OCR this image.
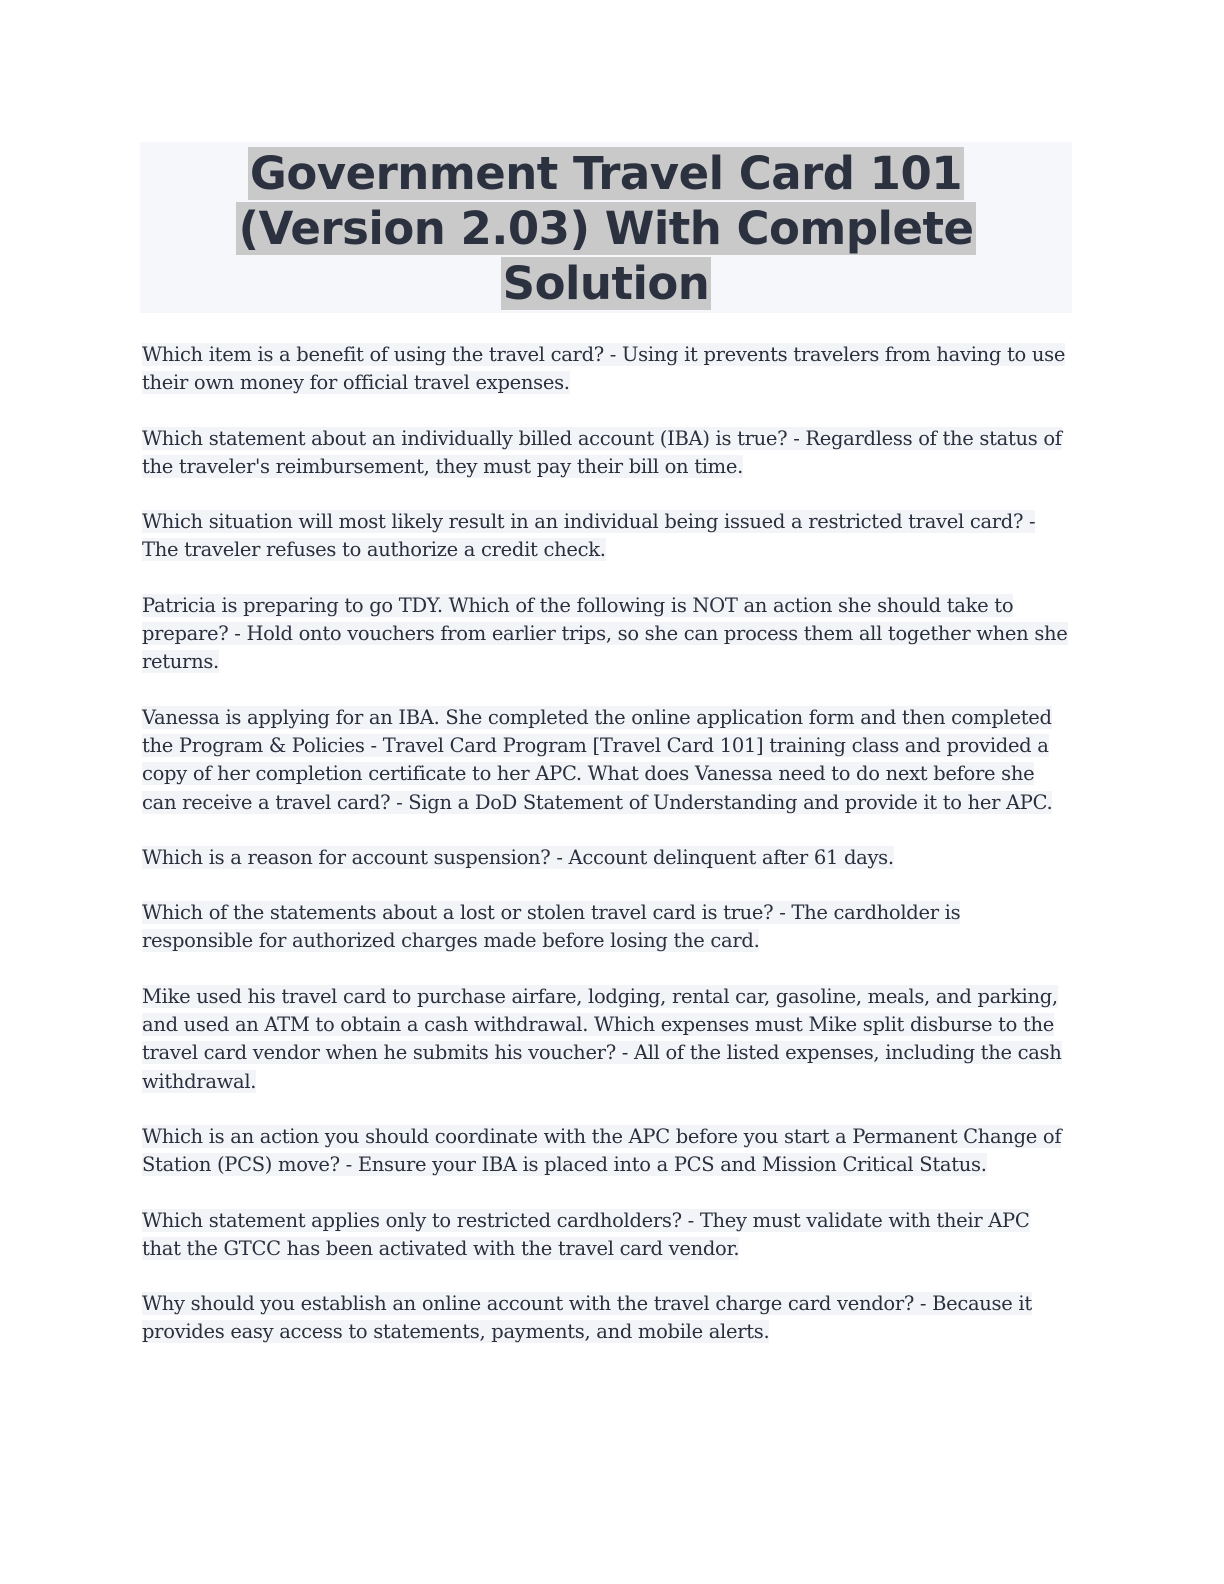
Government Travel Card 101 (Version 2.03) With Complete Solution

Which item is a benefit of using the travel card? - Using it prevents travelers from having to use their own money for official travel expenses.

Which statement about an individually billed account (IBA) is true? - Regardless of the status of the traveler's reimbursement, they must pay their bill on time.

Which situation will most likely result in an individual being issued a restricted travel card? - The traveler refuses to authorize a credit check.

Patricia is preparing to go TDY. Which of the following is NOT an action she should take to prepare? - Hold onto vouchers from earlier trips, so she can process them all together when she returns.

Vanessa is applying for an IBA. She completed the online application form and then completed the Program & Policies - Travel Card Program [Travel Card 101] training class and provided a copy of her completion certificate to her APC. What does Vanessa need to do next before she can receive a travel card? - Sign a DoD Statement of Understanding and provide it to her APC.

Which is a reason for account suspension? - Account delinquent after 61 days.

Which of the statements about a lost or stolen travel card is true? - The cardholder is responsible for authorized charges made before losing the card.

Mike used his travel card to purchase airfare, lodging, rental car, gasoline, meals, and parking, and used an ATM to obtain a cash withdrawal. Which expenses must Mike split disburse to the travel card vendor when he submits his voucher? - All of the listed expenses, including the cash withdrawal.

Which is an action you should coordinate with the APC before you start a Permanent Change of Station (PCS) move? - Ensure your IBA is placed into a PCS and Mission Critical Status.

Which statement applies only to restricted cardholders? - They must validate with their APC that the GTCC has been activated with the travel card vendor.

Why should you establish an online account with the travel charge card vendor? - Because it provides easy access to statements, payments, and mobile alerts.
